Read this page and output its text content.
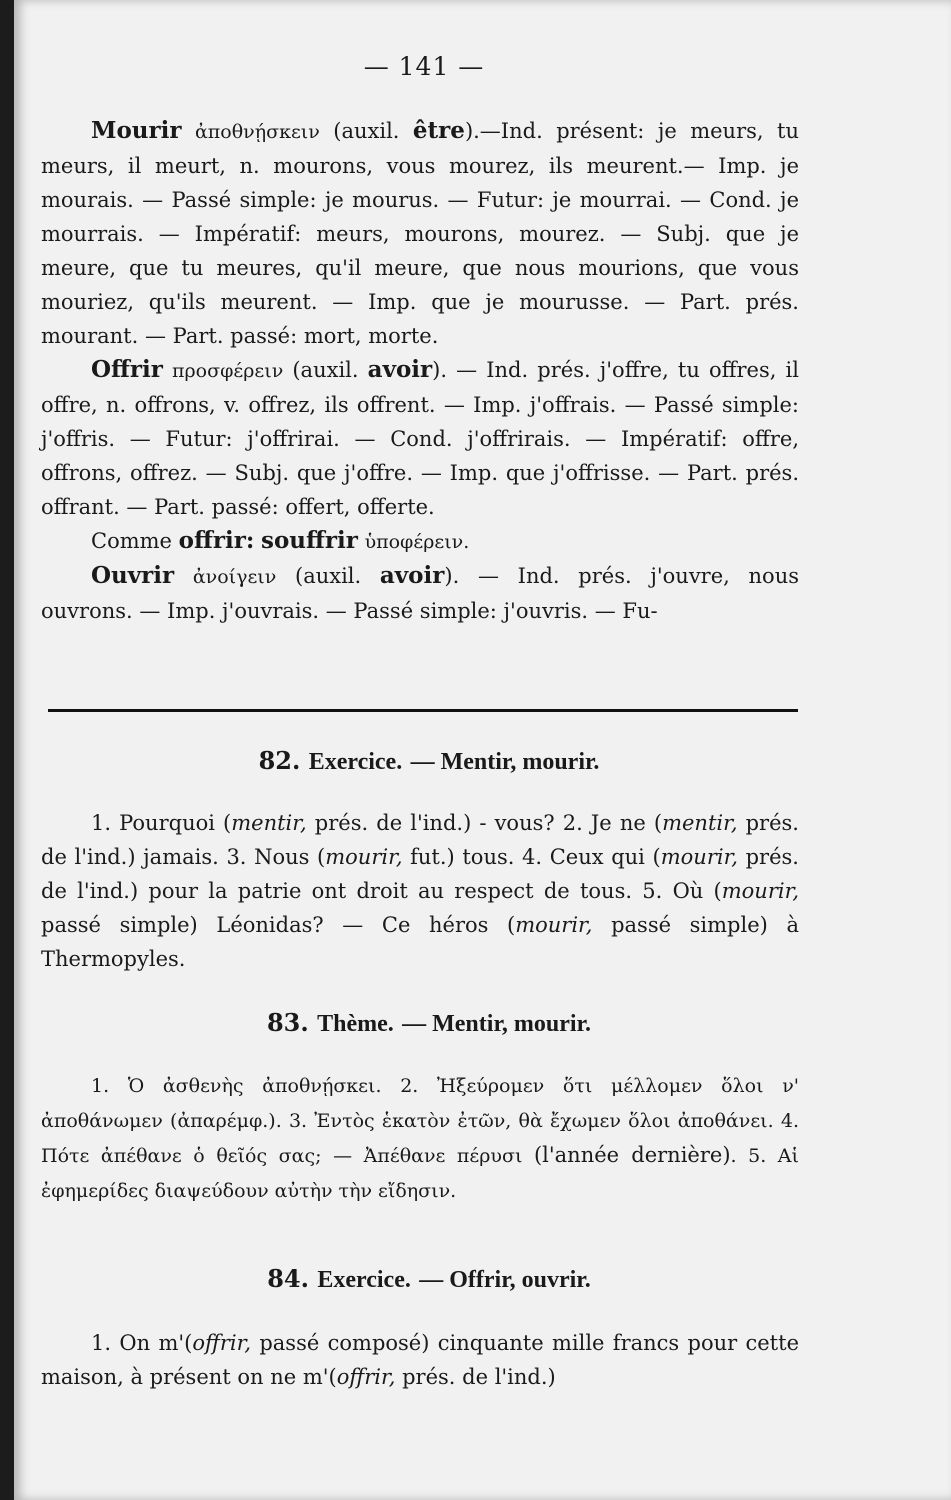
— 141 —

Mourir ἀποθνῄσκειν (auxil. être).—Ind. présent: je meurs, tu meurs, il meurt, n. mourons, vous mourez, ils meurent.— Imp. je mourais. — Passé simple: je mourus. — Futur: je mourrai. — Cond. je mourrais. — Impératif: meurs, mourons, mourez. — Subj. que je meure, que tu meures, qu'il meure, que nous mourions, que vous mouriez, qu'ils meurent. — Imp. que je mourusse. — Part. prés. mourant. — Part. passé: mort, morte.

Offrir προσφέρειν (auxil. avoir). — Ind. prés. j'offre, tu offres, il offre, n. offrons, v. offrez, ils offrent. — Imp. j'offrais. — Passé simple: j'offris. — Futur: j'offrirai. — Cond. j'offrirais. — Impératif: offre, offrons, offrez. — Subj. que j'offre. — Imp. que j'offrisse. — Part. prés. offrant. — Part. passé: offert, offerte.

Comme offrir: souffrir ὑποφέρειν.

Ouvrir ἀνοίγειν (auxil. avoir). — Ind. prés. j'ouvre, nous ouvrons. — Imp. j'ouvrais. — Passé simple: j'ouvris. — Fu-

82. Exercice. — Mentir, mourir.

1. Pourquoi (mentir, prés. de l'ind.) - vous? 2. Je ne (mentir, prés. de l'ind.) jamais. 3. Nous (mourir, fut.) tous. 4. Ceux qui (mourir, prés. de l'ind.) pour la patrie ont droit au respect de tous. 5. Où (mourir, passé simple) Léonidas? — Ce héros (mourir, passé simple) à Thermopyles.

83. Thème. — Mentir, mourir.

1. Ὁ ἀσθενὴς ἀποθνῄσκει. 2. Ἠξεύρομεν ὅτι μέλλομεν ὅλοι ν' ἀποθάνωμεν (ἀπαρέμφ.). 3. Ἐντὸς ἑκατὸν ἐτῶν, θὰ ἔχωμεν ὅλοι ἀποθάνει. 4. Πότε ἀπέθανε ὁ θεῖός σας; — Ἀπέθανε πέρυσι (l'année dernière). 5. Αἱ ἐφημερίδες διαψεύδουν αὐτὴν τὴν εἴδησιν.

84. Exercice. — Offrir, ouvrir.

1. On m'(offrir, passé composé) cinquante mille francs pour cette maison, à présent on ne m'(offrir, prés. de l'ind.)
